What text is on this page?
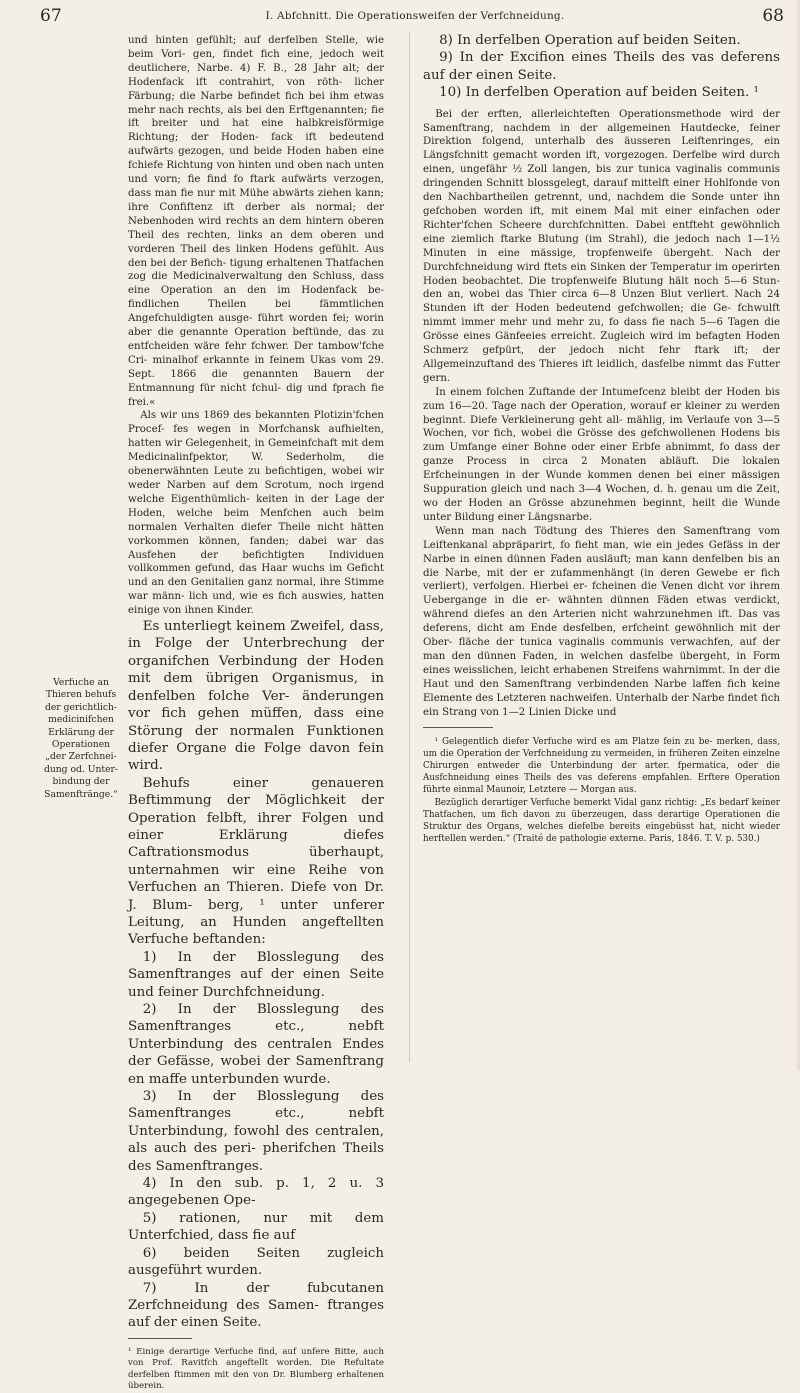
67	I. Abfchnitt. Die Operationsweifen der Verfchneidung.	68
Verfuche an
Thieren behufs
der gerichtlich-
medicinifchen
Erklärung der
Operationen
„der Zerfchnei-
dung od. Unter-
bindung der
Samenftränge.“

und hinten gefühlt; auf derfelben Stelle, wie beim Vori- gen, findet fich eine, jedoch weit deutlichere, Narbe. 4) F. B., 28 Jahr alt; der Hodenfack ift contrahirt, von röth- licher Färbung; die Narbe befindet fich bei ihm etwas mehr nach rechts, als bei den Erftgenannten; fie ift breiter und hat eine halbkreisförmige Richtung; der Hoden- fack ift bedeutend aufwärts gezogen, und beide Hoden haben eine fchiefe Richtung von hinten und oben nach unten und vorn; fie find fo ftark aufwärts verzogen, dass man fie nur mit Mühe abwärts ziehen kann; ihre Confiftenz ift derber als normal; der Nebenhoden wird rechts an dem hintern oberen Theil des rechten, links an dem oberen und vorderen Theil des linken Hodens gefühlt. Aus den bei der Befich- tigung erhaltenen Thatfachen zog die Medicinalverwaltung den Schluss, dass eine Operation an den im Hodenfack be- findlichen Theilen bei fämmtlichen Angefchuldigten ausge- führt worden fei; worin aber die genannte Operation beftünde, das zu entfcheiden wäre fehr fchwer. Der tambow'fche Cri- minalhof erkannte in feinem Ukas vom 29. Sept. 1866 die genannten Bauern der Entmannung für nicht fchul- dig und fprach fie frei.«

Als wir uns 1869 des bekannten Plotizin'fchen Procef- fes wegen in Morfchansk aufhielten, hatten wir Gelegenheit, in Gemeinfchaft mit dem Medicinalinfpektor, W. Sederholm, die obenerwähnten Leute zu befichtigen, wobei wir weder Narben auf dem Scrotum, noch irgend welche Eigenthümlich- keiten in der Lage der Hoden, welche beim Menfchen auch beim normalen Verhalten diefer Theile nicht hätten vorkommen können, fanden; dabei war das Ausfehen der befichtigten Individuen vollkommen gefund, das Haar wuchs im Geficht und an den Genitalien ganz normal, ihre Stimme war männ- lich und, wie es fich auswies, hatten einige von ihnen Kinder.

Es unterliegt keinem Zweifel, dass, in Folge der Unterbrechung der organifchen Verbindung der Hoden mit dem übrigen Organismus, in denfelben folche Ver- änderungen vor fich gehen müffen, dass eine Störung der normalen Funktionen diefer Organe die Folge davon fein wird.

Behufs einer genaueren Beftimmung der Möglichkeit der Operation felbft, ihrer Folgen und einer Erklärung diefes Caftrationsmodus überhaupt, unternahmen wir eine Reihe von Verfuchen an Thieren. Diefe von Dr. J. Blum- berg, ¹ unter unferer Leitung, an Hunden angeftellten Verfuche beftanden:

1) In der Blosslegung des Samenftranges auf der einen Seite und feiner Durchfchneidung.

2) In der Blosslegung des Samenftranges etc., nebft Unterbindung des centralen Endes der Gefässe, wobei der Samenftrang en maffe unterbunden wurde.

3) In der Blosslegung des Samenftranges etc., nebft Unterbindung, fowohl des centralen, als auch des peri- pherifchen Theils des Samenftranges.

4) In den sub. p. 1, 2 u. 3 angegebenen Ope-

5) rationen, nur mit dem Unterfchied, dass fie auf

6) beiden Seiten zugleich ausgeführt wurden.

7) In der fubcutanen Zerfchneidung des Samen- ftranges auf der einen Seite.

¹ Einige derartige Verfuche find, auf unfere Bitte, auch von Prof. Ravitfch angeftellt worden. Die Refultate derfelben ftimmen mit den von Dr. Blumberg erhaltenen überein.

8) In derfelben Operation auf beiden Seiten.

9) In der Excifion eines Theils des vas deferens auf der einen Seite.

10) In derfelben Operation auf beiden Seiten. ¹

Bei der erften, allerleichteften Operationsmethode wird der Samenftrang, nachdem in der allgemeinen Hautdecke, feiner Direktion folgend, unterhalb des äusseren Leiftenringes, ein Längsfchnitt gemacht worden ift, vorgezogen. Derfelbe wird durch einen, ungefähr ½ Zoll langen, bis zur tunica vaginalis communis dringenden Schnitt blossgelegt, darauf mittelft einer Hohlfonde von den Nachbartheilen getrennt, und, nachdem die Sonde unter ihn gefchoben worden ift, mit einem Mal mit einer einfachen oder Richter'fchen Scheere durchfchnitten. Dabei entfteht gewöhnlich eine ziemlich ftarke Blutung (im Strahl), die jedoch nach 1—1½ Minuten in eine mässige, tropfenweife übergeht. Nach der Durchfchneidung wird ftets ein Sinken der Temperatur im operirten Hoden beobachtet. Die tropfenweife Blutung hält noch 5—6 Stun- den an, wobei das Thier circa 6—8 Unzen Blut verliert. Nach 24 Stunden ift der Hoden bedeutend gefchwollen; die Ge- fchwulft nimmt immer mehr und mehr zu, fo dass fie nach 5—6 Tagen die Grösse eines Gänfeeies erreicht. Zugleich wird im befagten Hoden Schmerz gefpürt, der jedoch nicht fehr ftark ift; der Allgemeinzuftand des Thieres ift leidlich, dasfelbe nimmt das Futter gern.

In einem folchen Zuftande der Intumefcenz bleibt der Hoden bis zum 16—20. Tage nach der Operation, worauf er kleiner zu werden beginnt. Diefe Verkleinerung geht all- mählig, im Verlaufe von 3—5 Wochen, vor fich, wobei die Grösse des gefchwollenen Hodens bis zum Umfange einer Bohne oder einer Erbfe abnimmt, fo dass der ganze Process in circa 2 Monaten abläuft. Die lokalen Erfcheinungen in der Wunde kommen denen bei einer mässigen Suppuration gleich und nach 3—4 Wochen, d. h. genau um die Zeit, wo der Hoden an Grösse abzunehmen beginnt, heilt die Wunde unter Bildung einer Längsnarbe.

Wenn man nach Tödtung des Thieres den Samenftrang vom Leiftenkanal abpräparirt, fo fieht man, wie ein jedes Gefäss in der Narbe in einen dünnen Faden ausläuft; man kann denfelben bis an die Narbe, mit der er zufammenhängt (in deren Gewebe er fich verliert), verfolgen. Hierbei er- fcheinen die Venen dicht vor ihrem Uebergange in die er- wähnten dünnen Fäden etwas verdickt, während diefes an den Arterien nicht wahrzunehmen ift. Das vas deferens, dicht am Ende desfelben, erfcheint gewöhnlich mit der Ober- fläche der tunica vaginalis communis verwachfen, auf der man den dünnen Faden, in welchen dasfelbe übergeht, in Form eines weisslichen, leicht erhabenen Streifens wahrnimmt. In der die Haut und den Samenftrang verbindenden Narbe laffen fich keine Elemente des Letzteren nachweifen. Unterhalb der Narbe findet fich ein Strang von 1—2 Linien Dicke und

¹ Gelegentlich diefer Verfuche wird es am Platze fein zu be- merken, dass, um die Operation der Verfchneidung zu vermeiden, in früheren Zeiten einzelne Chirurgen entweder die Unterbindung der arter. fpermatica, oder die Ausfchneidung eines Theils des vas deferens empfahlen. Erftere Operation führte einmal Maunoir, Letztere — Morgan aus.

Bezüglich derartiger Verfuche bemerkt Vidal ganz richtig: „Es bedarf keiner Thatfachen, um fich davon zu überzeugen, dass derartige Operationen die Struktur des Organs, welches diefelbe bereits eingebüsst hat, nicht wieder herftellen werden.“ (Traité de pathologie externe. Paris, 1846. T. V. p. 530.)
